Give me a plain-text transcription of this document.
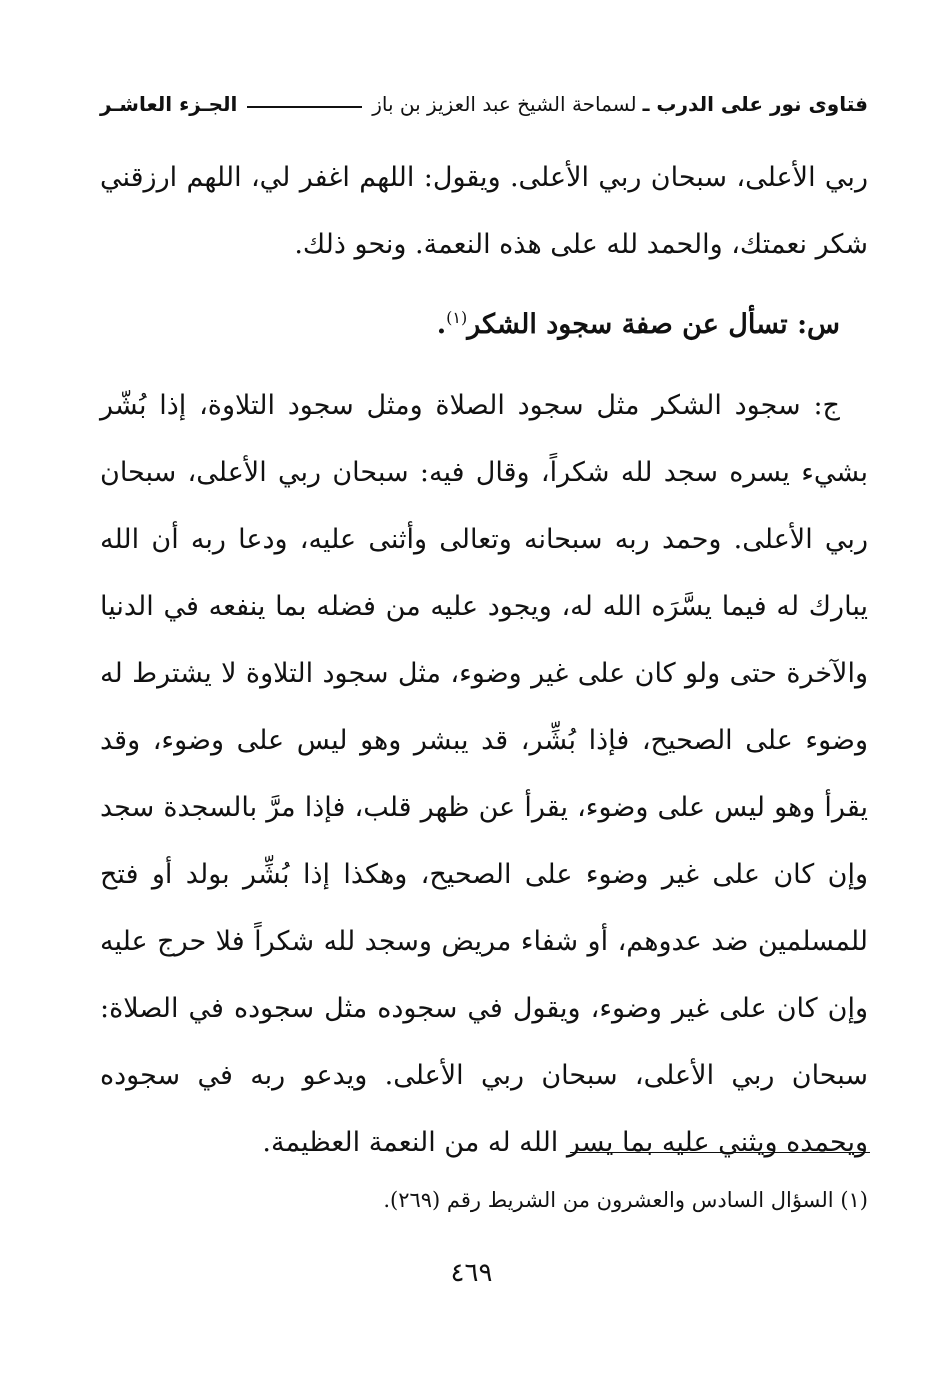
فتاوى نور على الدرب ـ
لسماحة الشيخ عبد العزيز بن باز
الجـزء العاشـر

ربي الأعلى، سبحان ربي الأعلى. ويقول: اللهم اغفر لي، اللهم ارزقني شكر نعمتك، والحمد لله على هذه النعمة. ونحو ذلك.

س: تسأل عن صفة سجود الشكر$^{(١)}$.

ج: سجود الشكر مثل سجود الصلاة ومثل سجود التلاوة، إذا بُشّر بشيء يسره سجد لله شكراً، وقال فيه: سبحان ربي الأعلى، سبحان ربي الأعلى. وحمد ربه سبحانه وتعالى وأثنى عليه، ودعا ربه أن الله يبارك له فيما يسَّرَه الله له، ويجود عليه من فضله بما ينفعه في الدنيا والآخرة حتى ولو كان على غير وضوء، مثل سجود التلاوة لا يشترط له وضوء على الصحيح، فإذا بُشِّر، قد يبشر وهو ليس على وضوء، وقد يقرأ وهو ليس على وضوء، يقرأ عن ظهر قلب، فإذا مرَّ بالسجدة سجد وإن كان على غير وضوء على الصحيح، وهكذا إذا بُشِّر بولد أو فتح للمسلمين ضد عدوهم، أو شفاء مريض وسجد لله شكراً فلا حرج عليه وإن كان على غير وضوء، ويقول في سجوده مثل سجوده في الصلاة: سبحان ربي الأعلى، سبحان ربي الأعلى. ويدعو ربه في سجوده ويحمده ويثني عليه بما يسر الله له من النعمة العظيمة.

(١) السؤال السادس والعشرون من الشريط رقم (٢٦٩).
٤٦٩
